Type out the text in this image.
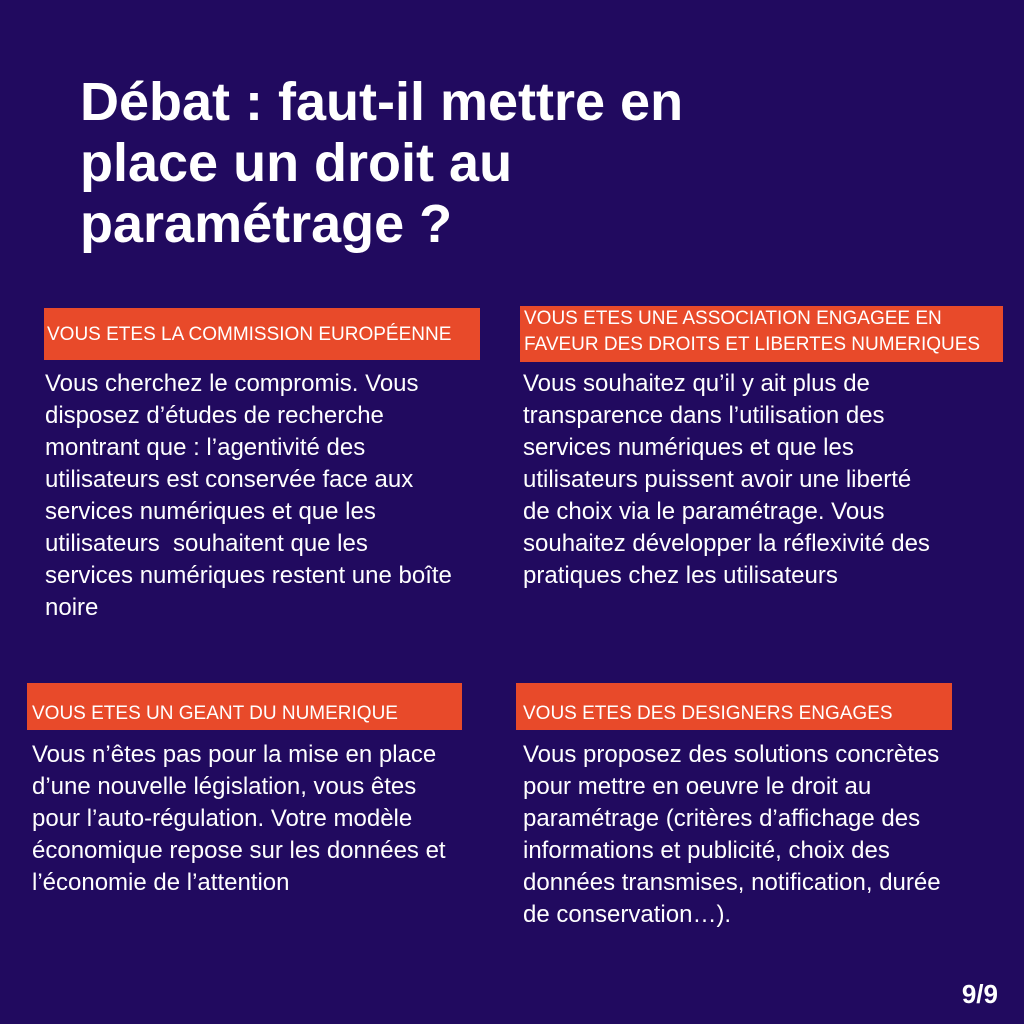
Débat : faut-il mettre en
place un droit au
paramétrage ?
VOUS ETES LA COMMISSION EUROPÉENNE
Vous cherchez le compromis. Vous
disposez d’études de recherche
montrant que : l’agentivité des
utilisateurs est conservée face aux
services numériques et que les
utilisateurs  souhaitent que les
services numériques restent une boîte
noire
VOUS ETES UNE ASSOCIATION ENGAGEE EN
FAVEUR DES DROITS ET LIBERTES NUMERIQUES
Vous souhaitez qu’il y ait plus de
transparence dans l’utilisation des
services numériques et que les
utilisateurs puissent avoir une liberté
de choix via le paramétrage. Vous
souhaitez développer la réflexivité des
pratiques chez les utilisateurs
VOUS ETES UN GEANT DU NUMERIQUE
Vous n’êtes pas pour la mise en place
d’une nouvelle législation, vous êtes
pour l’auto-régulation. Votre modèle
économique repose sur les données et
l’économie de l’attention
VOUS ETES DES DESIGNERS ENGAGES
Vous proposez des solutions concrètes
pour mettre en oeuvre le droit au
paramétrage (critères d’affichage des
informations et publicité, choix des
données transmises, notification, durée
de conservation…).
9/9
